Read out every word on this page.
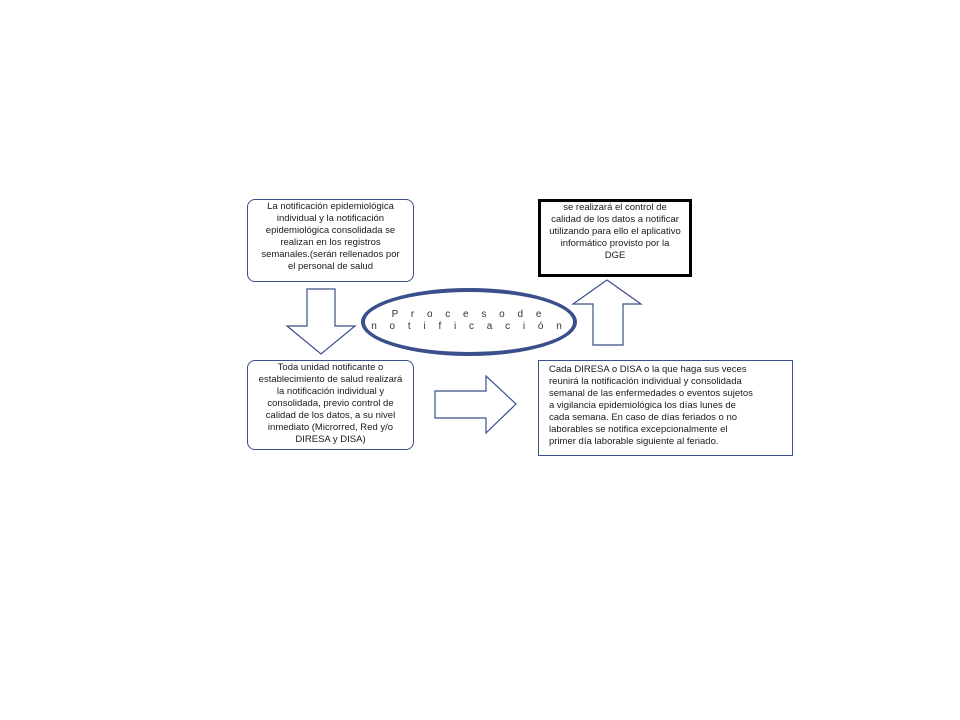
La notificación epidemiológica
individual y la notificación
epidemiológica consolidada se
realizan en los registros
semanales.(serán rellenados por
el personal de salud
se realizará el control de
calidad de los datos a notificar
utilizando para ello el aplicativo
informático provisto por la
DGE
Toda unidad notificante o
establecimiento de salud realizará
la notificación individual y
consolidada, previo control de
calidad de los datos, a su nivel
inmediato (Microrred, Red y/o
DIRESA y DISA)
Cada DIRESA o DISA o la que haga sus veces
reunirá la notificación individual y consolidada
semanal de las enfermedades o eventos sujetos
a vigilancia epidemiológica los días lunes de
cada semana. En caso de días feriados o no
laborables se notifica excepcionalmente el
primer día laborable siguiente al feriado.
P r o c e s o d e
n o t i f i c a c i ó n
